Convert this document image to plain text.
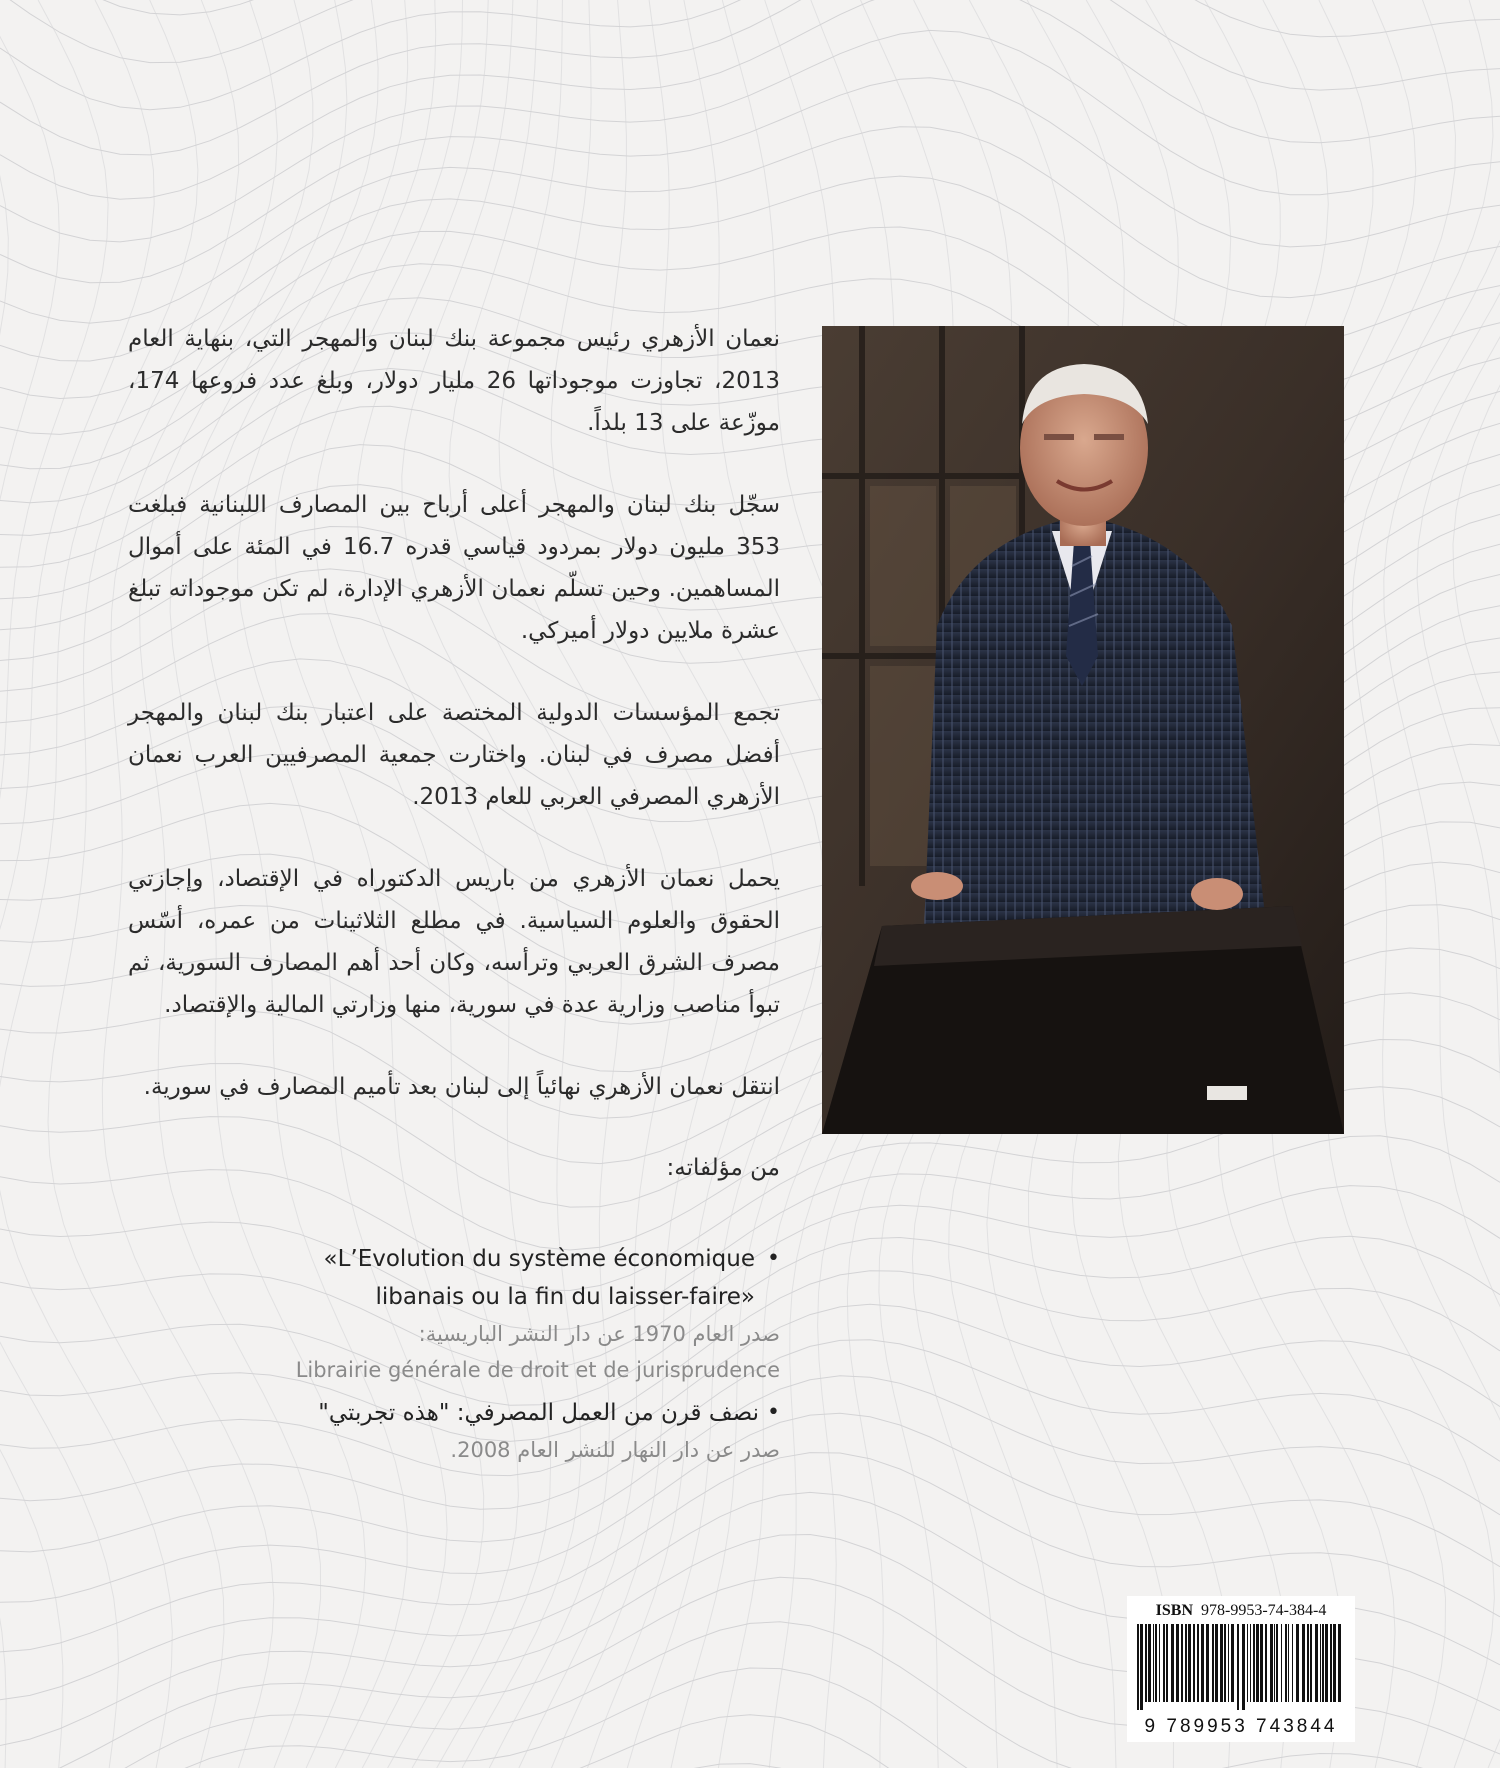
نعمان الأزهري رئيس مجموعة بنك لبنان والمهجر التي، بنهاية العام 2013، تجاوزت موجوداتها 26 مليار دولار، وبلغ عدد فروعها 174، موزّعة على 13 بلداً.

سجّل بنك لبنان والمهجر أعلى أرباح بين المصارف اللبنانية فبلغت 353 مليون دولار بمردود قياسي قدره 16.7 في المئة على أموال المساهمين. وحين تسلّم نعمان الأزهري الإدارة، لم تكن موجوداته تبلغ عشرة ملايين دولار أميركي.

تجمع المؤسسات الدولية المختصة على اعتبار بنك لبنان والمهجر أفضل مصرف في لبنان. واختارت جمعية المصرفيين العرب نعمان الأزهري المصرفي العربي للعام 2013.

يحمل نعمان الأزهري من باريس الدكتوراه في الإقتصاد، وإجازتي الحقوق والعلوم السياسية. في مطلع الثلاثينات من عمره، أسّس مصرف الشرق العربي وترأسه، وكان أحد أهم المصارف السورية، ثم تبوأ مناصب وزارية عدة في سورية، منها وزارتي المالية والإقتصاد.

انتقل نعمان الأزهري نهائياً إلى لبنان بعد تأميم المصارف في سورية.

من مؤلفاته:

«L’Evolution du système économique
libanais ou la fin du laisser-faire»
•
صدر العام 1970 عن دار النشر الباريسية:
Librairie générale de droit et de jurisprudence
•
نصف قرن من العمل المصرفي: "هذه تجربتي"
صدر عن دار النهار للنشر العام 2008.
ISBN 978-9953-74-384-4
9 789953 743844
